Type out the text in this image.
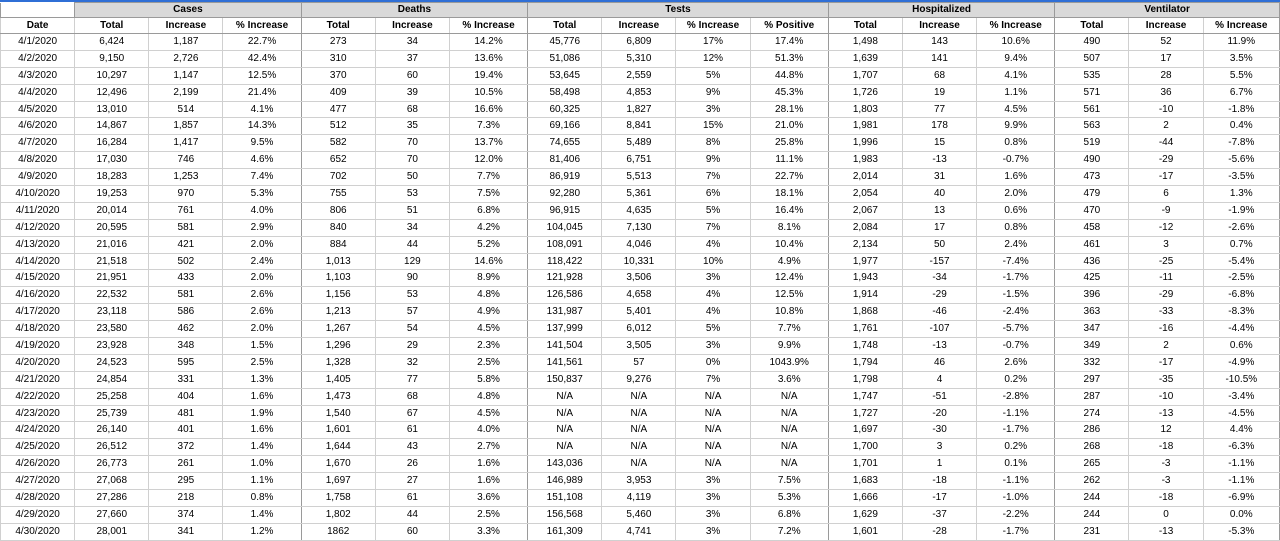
	Cases			Deaths			Tests				Hospitalized			Ventilator		
Date	Total	Increase	% Increase	Total	Increase	% Increase	Total	Increase	% Increase	% Positive	Total	Increase	% Increase	Total	Increase	% Increase
4/1/2020	6,424	1,187	22.7%	273	34	14.2%	45,776	6,809	17%	17.4%	1,498	143	10.6%	490	52	11.9%
4/2/2020	9,150	2,726	42.4%	310	37	13.6%	51,086	5,310	12%	51.3%	1,639	141	9.4%	507	17	3.5%
4/3/2020	10,297	1,147	12.5%	370	60	19.4%	53,645	2,559	5%	44.8%	1,707	68	4.1%	535	28	5.5%
4/4/2020	12,496	2,199	21.4%	409	39	10.5%	58,498	4,853	9%	45.3%	1,726	19	1.1%	571	36	6.7%
4/5/2020	13,010	514	4.1%	477	68	16.6%	60,325	1,827	3%	28.1%	1,803	77	4.5%	561	-10	-1.8%
4/6/2020	14,867	1,857	14.3%	512	35	7.3%	69,166	8,841	15%	21.0%	1,981	178	9.9%	563	2	0.4%
4/7/2020	16,284	1,417	9.5%	582	70	13.7%	74,655	5,489	8%	25.8%	1,996	15	0.8%	519	-44	-7.8%
4/8/2020	17,030	746	4.6%	652	70	12.0%	81,406	6,751	9%	11.1%	1,983	-13	-0.7%	490	-29	-5.6%
4/9/2020	18,283	1,253	7.4%	702	50	7.7%	86,919	5,513	7%	22.7%	2,014	31	1.6%	473	-17	-3.5%
4/10/2020	19,253	970	5.3%	755	53	7.5%	92,280	5,361	6%	18.1%	2,054	40	2.0%	479	6	1.3%
4/11/2020	20,014	761	4.0%	806	51	6.8%	96,915	4,635	5%	16.4%	2,067	13	0.6%	470	-9	-1.9%
4/12/2020	20,595	581	2.9%	840	34	4.2%	104,045	7,130	7%	8.1%	2,084	17	0.8%	458	-12	-2.6%
4/13/2020	21,016	421	2.0%	884	44	5.2%	108,091	4,046	4%	10.4%	2,134	50	2.4%	461	3	0.7%
4/14/2020	21,518	502	2.4%	1,013	129	14.6%	118,422	10,331	10%	4.9%	1,977	-157	-7.4%	436	-25	-5.4%
4/15/2020	21,951	433	2.0%	1,103	90	8.9%	121,928	3,506	3%	12.4%	1,943	-34	-1.7%	425	-11	-2.5%
4/16/2020	22,532	581	2.6%	1,156	53	4.8%	126,586	4,658	4%	12.5%	1,914	-29	-1.5%	396	-29	-6.8%
4/17/2020	23,118	586	2.6%	1,213	57	4.9%	131,987	5,401	4%	10.8%	1,868	-46	-2.4%	363	-33	-8.3%
4/18/2020	23,580	462	2.0%	1,267	54	4.5%	137,999	6,012	5%	7.7%	1,761	-107	-5.7%	347	-16	-4.4%
4/19/2020	23,928	348	1.5%	1,296	29	2.3%	141,504	3,505	3%	9.9%	1,748	-13	-0.7%	349	2	0.6%
4/20/2020	24,523	595	2.5%	1,328	32	2.5%	141,561	57	0%	1043.9%	1,794	46	2.6%	332	-17	-4.9%
4/21/2020	24,854	331	1.3%	1,405	77	5.8%	150,837	9,276	7%	3.6%	1,798	4	0.2%	297	-35	-10.5%
4/22/2020	25,258	404	1.6%	1,473	68	4.8%	N/A	N/A	N/A	N/A	1,747	-51	-2.8%	287	-10	-3.4%
4/23/2020	25,739	481	1.9%	1,540	67	4.5%	N/A	N/A	N/A	N/A	1,727	-20	-1.1%	274	-13	-4.5%
4/24/2020	26,140	401	1.6%	1,601	61	4.0%	N/A	N/A	N/A	N/A	1,697	-30	-1.7%	286	12	4.4%
4/25/2020	26,512	372	1.4%	1,644	43	2.7%	N/A	N/A	N/A	N/A	1,700	3	0.2%	268	-18	-6.3%
4/26/2020	26,773	261	1.0%	1,670	26	1.6%	143,036	N/A	N/A	N/A	1,701	1	0.1%	265	-3	-1.1%
4/27/2020	27,068	295	1.1%	1,697	27	1.6%	146,989	3,953	3%	7.5%	1,683	-18	-1.1%	262	-3	-1.1%
4/28/2020	27,286	218	0.8%	1,758	61	3.6%	151,108	4,119	3%	5.3%	1,666	-17	-1.0%	244	-18	-6.9%
4/29/2020	27,660	374	1.4%	1,802	44	2.5%	156,568	5,460	3%	6.8%	1,629	-37	-2.2%	244	0	0.0%
4/30/2020	28,001	341	1.2%	1862	60	3.3%	161,309	4,741	3%	7.2%	1,601	-28	-1.7%	231	-13	-5.3%
